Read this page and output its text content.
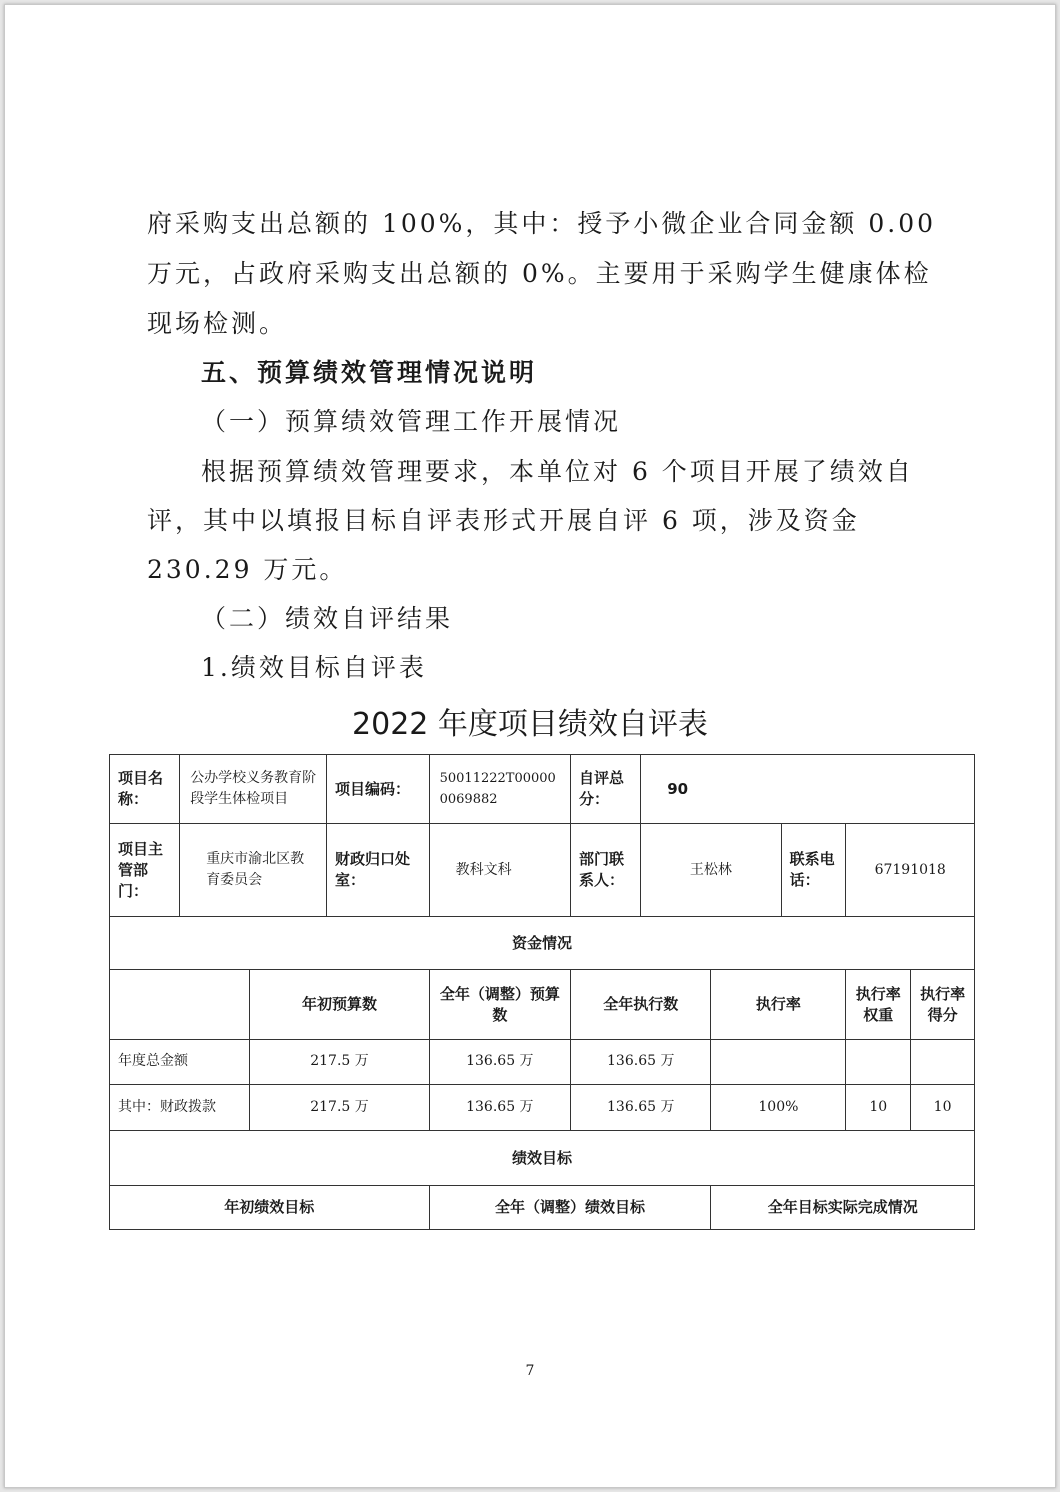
府采购支出总额的 100%，其中：授予小微企业合同金额 0.00
万元，占政府采购支出总额的 0%。主要用于采购学生健康体检
现场检测。
五、预算绩效管理情况说明
（一）预算绩效管理工作开展情况
根据预算绩效管理要求，本单位对 6 个项目开展了绩效自
评，其中以填报目标自评表形式开展自评 6 项，涉及资金
230.29 万元。
（二）绩效自评结果
1.绩效目标自评表
2022 年度项目绩效自评表
项目名称：	公办学校义务教育阶段学生体检项目		项目编码：	50011222T000000069882	自评总分：	90				
项目主管部门：	重庆市渝北区教育委员会		财政归口处室：	教科文科	部门联系人：	王松林		联系电话：	67191018	
资金情况										
		年初预算数		全年（调整）预算数	全年执行数		执行率		执行率权重	执行率得分
年度总金额		217.5 万		136.65 万	136.65 万					
其中：财政拨款		217.5 万		136.65 万	136.65 万		100%		10	10
绩效目标										
年初绩效目标				全年（调整）绩效目标			全年目标实际完成情况			
7
